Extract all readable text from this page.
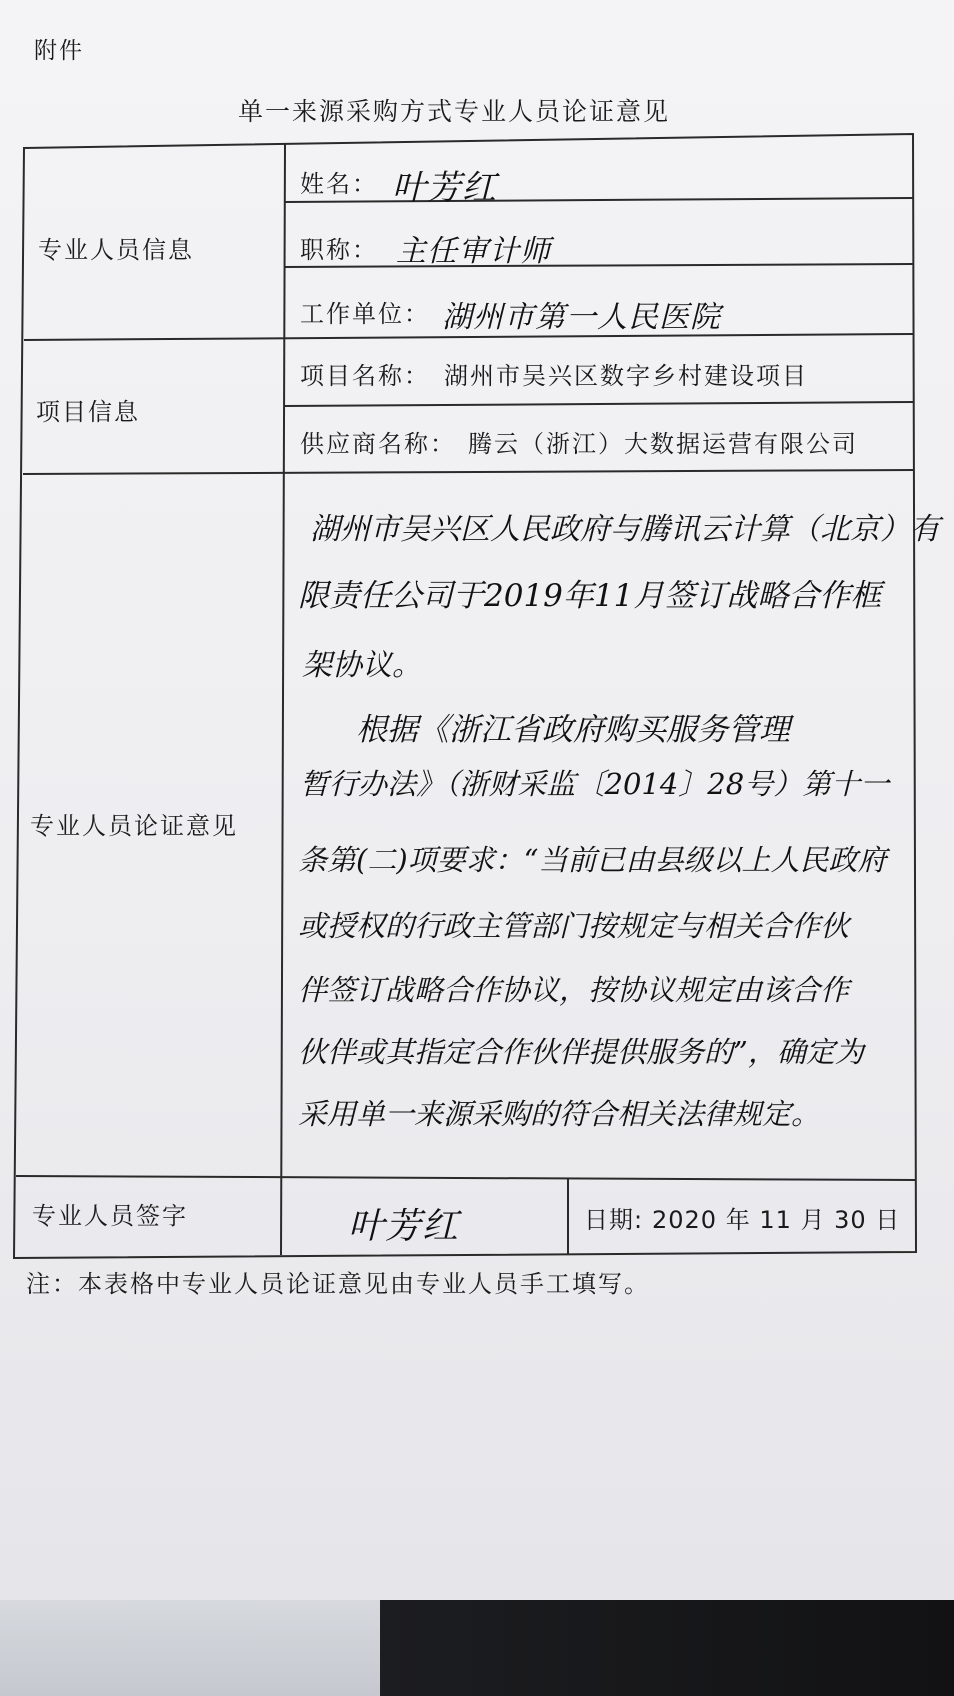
附件
单一来源采购方式专业人员论证意见
专业人员信息
姓名： 叶芳红
职称： 主任审计师
工作单位： 湖州市第一人民医院
项目信息
项目名称： 湖州市吴兴区数字乡村建设项目
供应商名称： 腾云（浙江）大数据运营有限公司
专业人员论证意见
湖州市吴兴区人民政府与腾讯云计算（北京）有
限责任公司于2019年11月签订战略合作框
架协议。
根据《浙江省政府购买服务管理
暂行办法》（浙财采监〔2014〕28号）第十一
条第(二)项要求：“当前已由县级以上人民政府
或授权的行政主管部门按规定与相关合作伙
伴签订战略合作协议，按协议规定由该合作
伙伴或其指定合作伙伴提供服务的”，确定为
采用单一来源采购的符合相关法律规定。
专业人员签字	叶芳红	日期: 2020 年 11 月 30 日
注：本表格中专业人员论证意见由专业人员手工填写。
